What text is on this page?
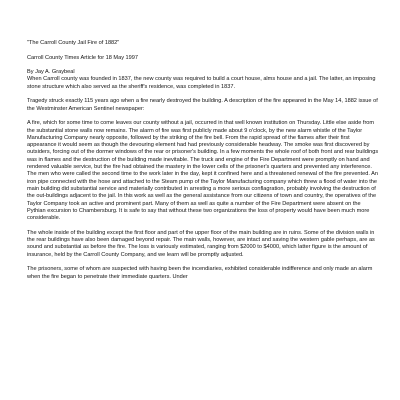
"The Carroll County Jail Fire of 1882"

Carroll County Times Article for 18 May 1997

By Jay A. Graybeal

When Carroll county was founded in 1837, the new county was required to build a court house, alms house and a jail. The latter, an imposing stone structure which also served as the sheriff's residence, was completed in 1837.

Tragedy struck exactly 115 years ago when a fire nearly destroyed the building. A description of the fire appeared in the May 14, 1882 issue of the Westminster American Sentinel newspaper:

A fire, which for some time to come leaves our county without a jail, occurred in that well known institution on Thursday. Little else aside from the substantial stone walls now remains. The alarm of fire was first publicly made about 9 o'clock, by the new alarm whistle of the Taylor Manufacturing Company nearly opposite, followed by the striking of the fire bell. From the rapid spread of the flames after their first appearance it would seem as though the devouring element had had previously considerable headway. The smoke was first discovered by outsiders, forcing out of the dormer windows of the rear or prisoner's building. In a few moments the whole roof of both front and rear buildings was in flames and the destruction of the building made inevitable. The truck and engine of the Fire Department were promptly on hand and rendered valuable service, but the fire had obtained the mastery in the lower cells of the prisoner's quarters and prevented any interference. The men who were called the second time to the work later in the day, kept it confined here and a threatened renewal of the fire prevented. An iron pipe connected with the hose and attached to the Steam pump of the Taylor Manufacturing company which threw a flood of water into the main building did substantial service and materially contributed in arresting a more serious conflagration, probably involving the destruction of the out-buildings adjacent to the jail. In this work as well as the general assistance from our citizens of town and country, the operatives of the Taylor Company took an active and prominent part. Many of them as well as quite a number of the Fire Department were absent on the Pythian excursion to Chambersburg. It is safe to say that without these two organizations the loss of property would have been much more considerable.

The whole inside of the building except the first floor and part of the upper floor of the main building are in ruins. Some of the division walls in the rear buildings have also been damaged beyond repair. The main walls, however, are intact and saving the western gable perhaps, are as sound and substantial as before the fire. The loss is variously estimated, ranging from $2000 to $4000, which latter figure is the amount of insurance, held by the Carroll County Company, and we learn will be promptly adjusted.

The prisoners, some of whom are suspected with having been the incendiaries, exhibited considerable indifference and only made an alarm when the fire began to penetrate their immediate quarters. Under
